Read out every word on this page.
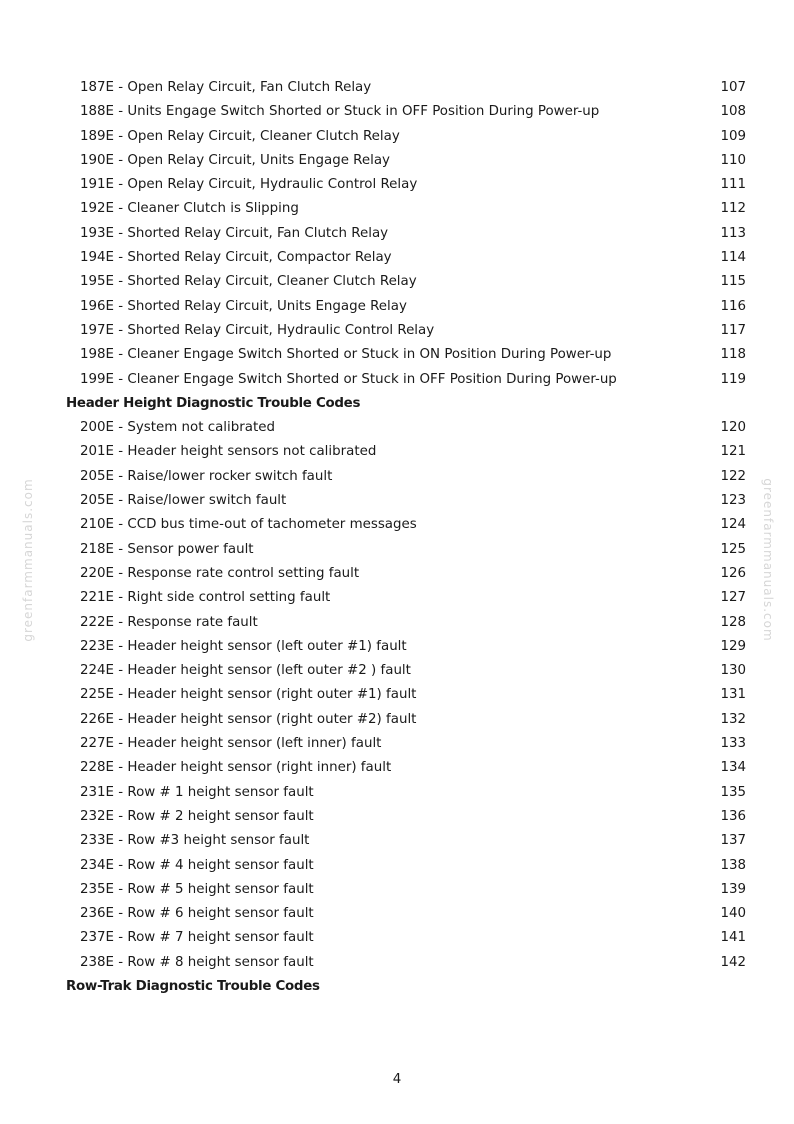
187E - Open Relay Circuit, Fan Clutch Relay	107
188E - Units Engage Switch Shorted or Stuck in OFF Position During Power-up	108
189E - Open Relay Circuit, Cleaner Clutch Relay	109
190E - Open Relay Circuit, Units Engage Relay	110
191E - Open Relay Circuit, Hydraulic Control Relay	111
192E - Cleaner Clutch is Slipping	112
193E - Shorted Relay Circuit, Fan Clutch Relay	113
194E - Shorted Relay Circuit, Compactor Relay	114
195E - Shorted Relay Circuit, Cleaner Clutch Relay	115
196E - Shorted Relay Circuit, Units Engage Relay	116
197E - Shorted Relay Circuit, Hydraulic Control Relay	117
198E - Cleaner Engage Switch Shorted or Stuck in ON Position During Power-up	118
199E - Cleaner Engage Switch Shorted or Stuck in OFF Position During Power-up	119
Header Height Diagnostic Trouble Codes
200E - System not calibrated	120
201E - Header height sensors not calibrated	121
205E - Raise/lower rocker switch fault	122
205E - Raise/lower switch fault	123
210E - CCD bus time-out of tachometer messages	124
218E - Sensor power fault	125
220E - Response rate control setting fault	126
221E - Right side control setting fault	127
222E - Response rate fault	128
223E - Header height sensor (left outer #1) fault	129
224E - Header height sensor (left outer #2 ) fault	130
225E - Header height sensor (right outer #1) fault	131
226E - Header height sensor (right outer #2) fault	132
227E - Header height sensor (left inner) fault	133
228E - Header height sensor (right inner) fault	134
231E - Row # 1 height sensor fault	135
232E - Row # 2 height sensor fault	136
233E - Row #3 height sensor fault	137
234E - Row # 4 height sensor fault	138
235E - Row # 5 height sensor fault	139
236E - Row # 6 height sensor fault	140
237E - Row # 7 height sensor fault	141
238E - Row # 8 height sensor fault	142
Row-Trak Diagnostic Trouble Codes
greenfarmmanuals.com	greenfarmmanuals.com
4
